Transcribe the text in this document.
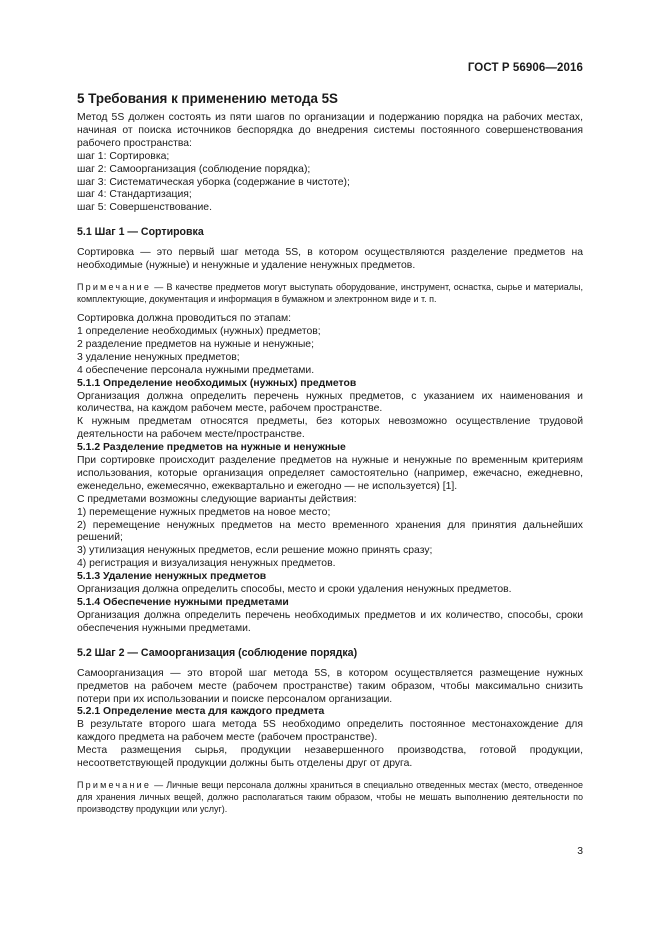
ГОСТ Р 56906—2016
5 Требования к применению метода 5S

Метод 5S должен состоять из пяти шагов по организации и подержанию порядка на рабочих местах, начиная от поиска источников беспорядка до внедрения системы постоянного совершенствования рабочего пространства:

шаг 1: Сортировка;

шаг 2: Самоорганизация (соблюдение порядка);

шаг 3: Систематическая уборка (содержание в чистоте);

шаг 4: Стандартизация;

шаг 5: Совершенствование.

5.1 Шаг 1 — Сортировка

Сортировка — это первый шаг метода 5S, в котором осуществляются разделение предметов на необходимые (нужные) и ненужные и удаление ненужных предметов.

Примечание — В качестве предметов могут выступать оборудование, инструмент, оснастка, сырье и материалы, комплектующие, документация и информация в бумажном и электронном виде и т. п.

Сортировка должна проводиться по этапам:

1 определение необходимых (нужных) предметов;

2 разделение предметов на нужные и ненужные;

3 удаление ненужных предметов;

4 обеспечение персонала нужными предметами.

5.1.1 Определение необходимых (нужных) предметов

Организация должна определить перечень нужных предметов, с указанием их наименования и количества, на каждом рабочем месте, рабочем пространстве.

К нужным предметам относятся предметы, без которых невозможно осуществление трудовой деятельности на рабочем месте/пространстве.

5.1.2 Разделение предметов на нужные и ненужные

При сортировке происходит разделение предметов на нужные и ненужные по временным критериям использования, которые организация определяет самостоятельно (например, ежечасно, ежедневно, еженедельно, ежемесячно, ежеквартально и ежегодно — не используется) [1].

С предметами возможны следующие варианты действия:

1) перемещение нужных предметов на новое место;

2) перемещение ненужных предметов на место временного хранения для принятия дальнейших решений;

3) утилизация ненужных предметов, если решение можно принять сразу;

4) регистрация и визуализация ненужных предметов.

5.1.3 Удаление ненужных предметов

Организация должна определить способы, место и сроки удаления ненужных предметов.

5.1.4 Обеспечение нужными предметами

Организация должна определить перечень необходимых предметов и их количество, способы, сроки обеспечения нужными предметами.

5.2 Шаг 2 — Самоорганизация (соблюдение порядка)

Самоорганизация — это второй шаг метода 5S, в котором осуществляется размещение нужных предметов на рабочем месте (рабочем пространстве) таким образом, чтобы максимально снизить потери при их использовании и поиске персоналом организации.

5.2.1 Определение места для каждого предмета

В результате второго шага метода 5S необходимо определить постоянное местонахождение для каждого предмета на рабочем месте (рабочем пространстве).

Места размещения сырья, продукции незавершенного производства, готовой продукции, несоответствующей продукции должны быть отделены друг от друга.

Примечание — Личные вещи персонала должны храниться в специально отведенных местах (место, отведенное для хранения личных вещей, должно располагаться таким образом, чтобы не мешать выполнению деятельности по производству продукции или услуг).

3
